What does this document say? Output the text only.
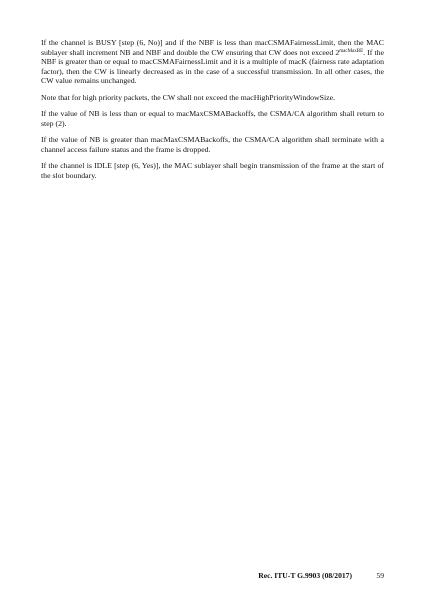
If the channel is BUSY [step (6, No)] and if the NBF is less than macCSMAFairnessLimit, then the MAC sublayer shall increment NB and NBF and double the CW ensuring that CW does not exceed $2^{macMaxBE}$. If the NBF is greater than or equal to macCSMAFairnessLimit and it is a multiple of macK (fairness rate adaptation factor), then the CW is linearly decreased as in the case of a successful transmission. In all other cases, the CW value remains unchanged.

Note that for high priority packets, the CW shall not exceed the macHighPriorityWindowSize.

If the value of NB is less than or equal to macMaxCSMABackoffs, the CSMA/CA algorithm shall return to step (2).

If the value of NB is greater than macMaxCSMABackoffs, the CSMA/CA algorithm shall terminate with a channel access failure status and the frame is dropped.

If the channel is IDLE [step (6, Yes)], the MAC sublayer shall begin transmission of the frame at the start of the slot boundary.

Rec. ITU-T G.9903 (08/2017)	59
